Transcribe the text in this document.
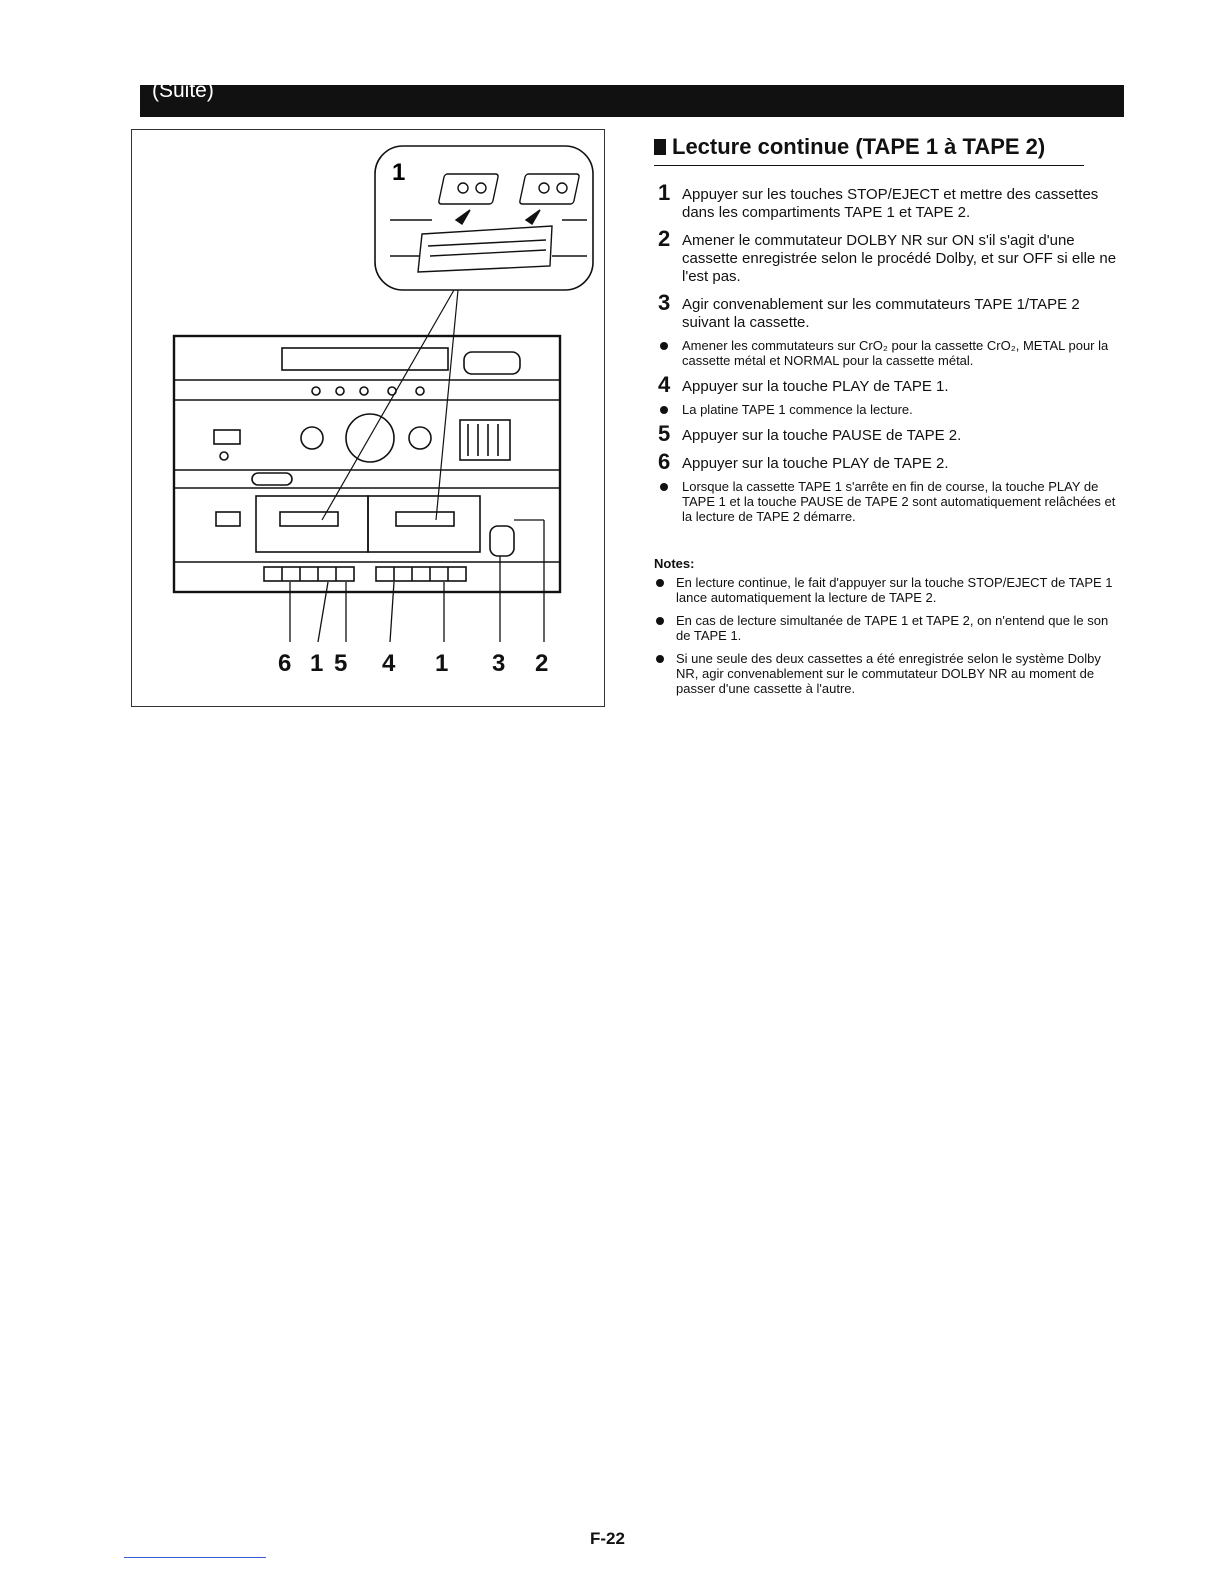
(Suite)
1
6 1 5 4 1 3 2
Lecture continue (TAPE 1 à TAPE 2)
1 Appuyer sur les touches STOP/EJECT et mettre des cassettes dans les compartiments TAPE 1 et TAPE 2.
2 Amener le commutateur DOLBY NR sur ON s'il s'agit d'une cassette enregistrée selon le procédé Dolby, et sur OFF si elle ne l'est pas.
3 Agir convenablement sur les commutateurs TAPE 1/TAPE 2 suivant la cassette.
Amener les commutateurs sur CrO₂ pour la cassette CrO₂, METAL pour la cassette métal et NORMAL pour la cassette métal.
4 Appuyer sur la touche PLAY de TAPE 1.
La platine TAPE 1 commence la lecture.
5 Appuyer sur la touche PAUSE de TAPE 2.
6 Appuyer sur la touche PLAY de TAPE 2.
Lorsque la cassette TAPE 1 s'arrête en fin de course, la touche PLAY de TAPE 1 et la touche PAUSE de TAPE 2 sont automatiquement relâchées et la lecture de TAPE 2 démarre.
Notes:
En lecture continue, le fait d'appuyer sur la touche STOP/EJECT de TAPE 1 lance automatiquement la lecture de TAPE 2.
En cas de lecture simultanée de TAPE 1 et TAPE 2, on n'entend que le son de TAPE 1.
Si une seule des deux cassettes a été enregistrée selon le système Dolby NR, agir convenablement sur le commutateur DOLBY NR au moment de passer d'une cassette à l'autre.
F-22
